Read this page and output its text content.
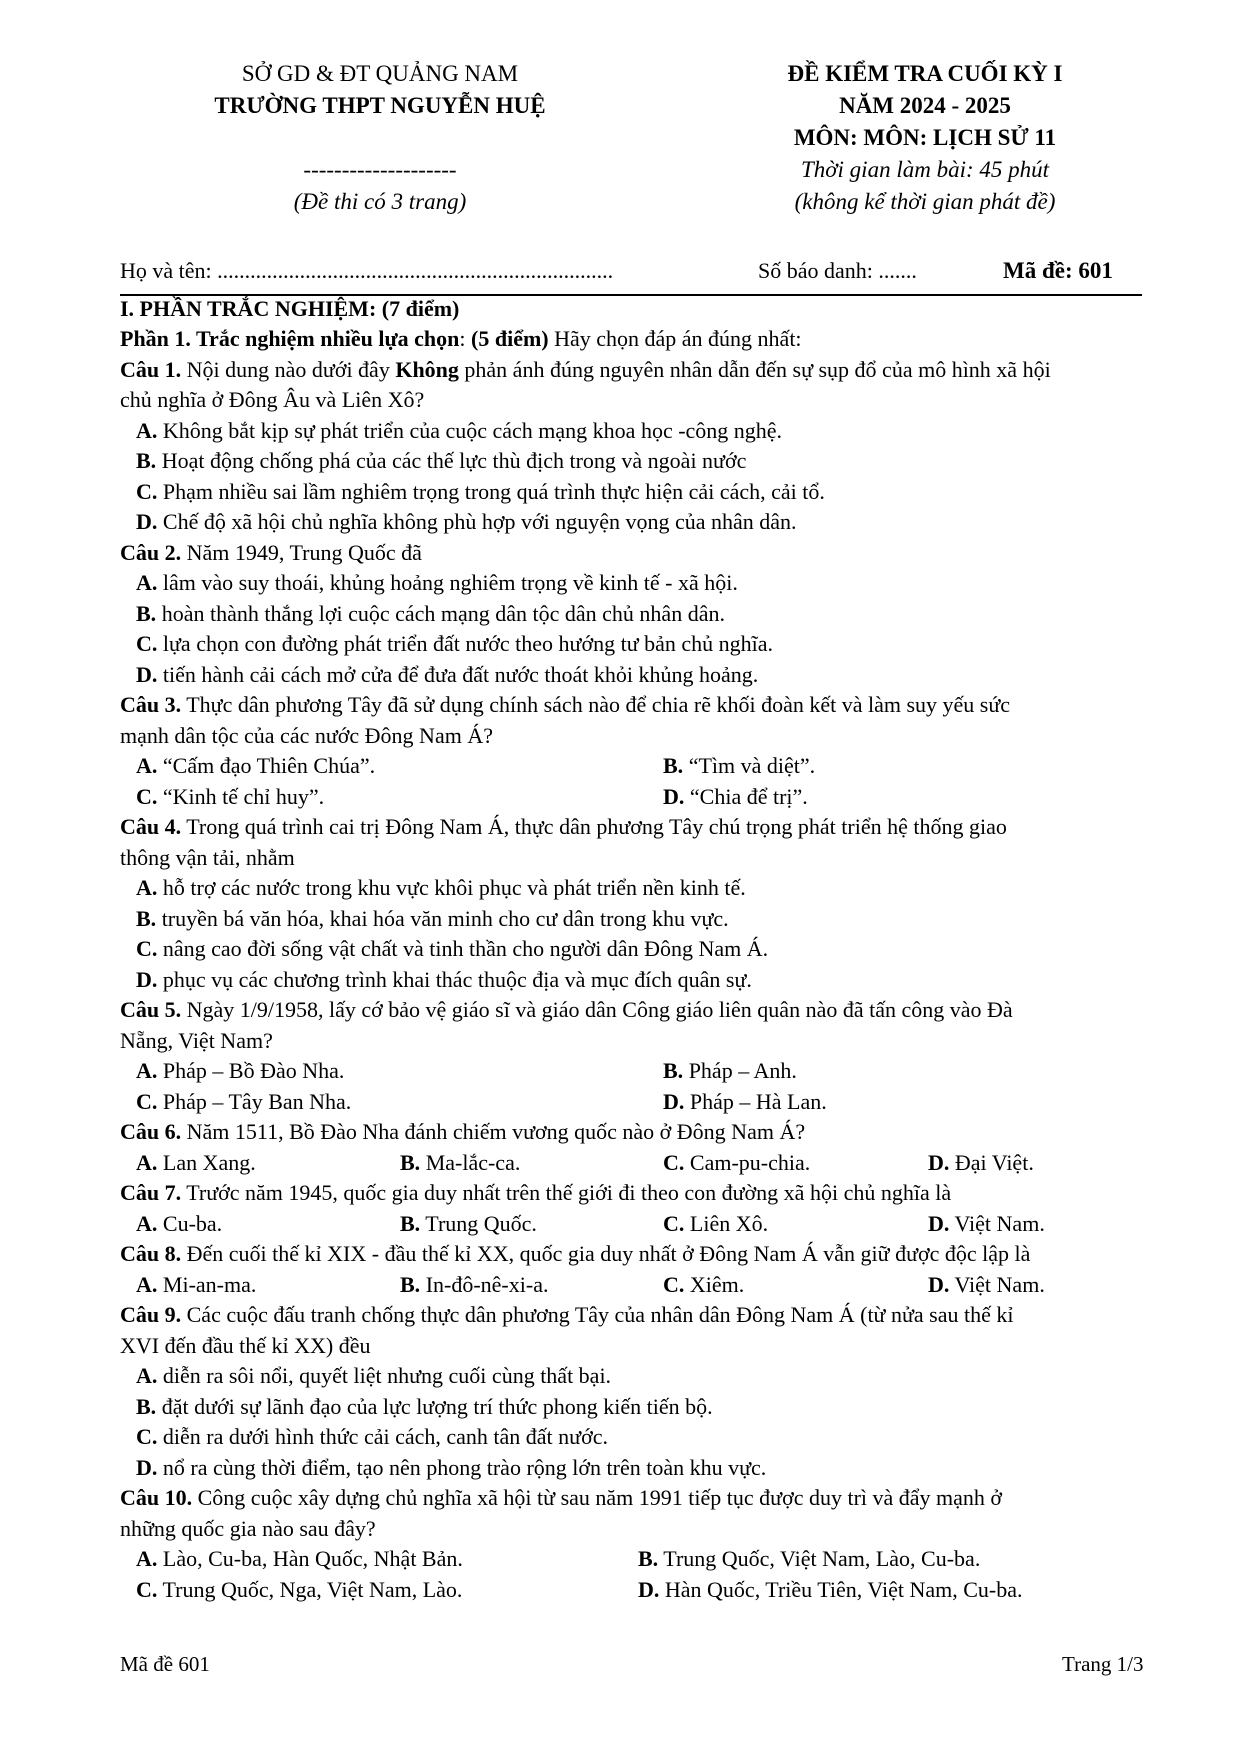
SỞ GD & ĐT QUẢNG NAM
TRƯỜNG THPT NGUYỄN HUỆ
--------------------
(Đề thi có 3 trang)
ĐỀ KIỂM TRA CUỐI KỲ I
NĂM 2024 - 2025
MÔN: MÔN: LỊCH SỬ 11
Thời gian làm bài: 45 phút
(không kể thời gian phát đề)
Họ và tên: ........................................................................	Số báo danh: .......	Mã đề: 601
I. PHẦN TRẮC NGHIỆM: (7 điểm)
Phần 1. Trắc nghiệm nhiều lựa chọn: (5 điểm) Hãy chọn đáp án đúng nhất:
Câu 1. Nội dung nào dưới đây Không phản ánh đúng nguyên nhân dẫn đến sự sụp đổ của mô hình xã hội
chủ nghĩa ở Đông Âu và Liên Xô?
A. Không bắt kịp sự phát triển của cuộc cách mạng khoa học -công nghệ.
B. Hoạt động chống phá của các thế lực thù địch trong và ngoài nước
C. Phạm nhiều sai lầm nghiêm trọng trong quá trình thực hiện cải cách, cải tổ.
D. Chế độ xã hội chủ nghĩa không phù hợp với nguyện vọng của nhân dân.
Câu 2. Năm 1949, Trung Quốc đã
A. lâm vào suy thoái, khủng hoảng nghiêm trọng về kinh tế - xã hội.
B. hoàn thành thắng lợi cuộc cách mạng dân tộc dân chủ nhân dân.
C. lựa chọn con đường phát triển đất nước theo hướng tư bản chủ nghĩa.
D. tiến hành cải cách mở cửa để đưa đất nước thoát khỏi khủng hoảng.
Câu 3. Thực dân phương Tây đã sử dụng chính sách nào để chia rẽ khối đoàn kết và làm suy yếu sức
mạnh dân tộc của các nước Đông Nam Á?
A. “Cấm đạo Thiên Chúa”.	B. “Tìm và diệt”.
C. “Kinh tế chỉ huy”.	D. “Chia để trị”.
Câu 4. Trong quá trình cai trị Đông Nam Á, thực dân phương Tây chú trọng phát triển hệ thống giao
thông vận tải, nhằm
A. hỗ trợ các nước trong khu vực khôi phục và phát triển nền kinh tế.
B. truyền bá văn hóa, khai hóa văn minh cho cư dân trong khu vực.
C. nâng cao đời sống vật chất và tinh thần cho người dân Đông Nam Á.
D. phục vụ các chương trình khai thác thuộc địa và mục đích quân sự.
Câu 5. Ngày 1/9/1958, lấy cớ bảo vệ giáo sĩ và giáo dân Công giáo liên quân nào đã tấn công vào Đà
Nẵng, Việt Nam?
A. Pháp – Bồ Đào Nha.	B. Pháp – Anh.
C. Pháp – Tây Ban Nha.	D. Pháp – Hà Lan.
Câu 6. Năm 1511, Bồ Đào Nha đánh chiếm vương quốc nào ở Đông Nam Á?
A. Lan Xang.	B. Ma-lắc-ca.	C. Cam-pu-chia.	D. Đại Việt.
Câu 7. Trước năm 1945, quốc gia duy nhất trên thế giới đi theo con đường xã hội chủ nghĩa là
A. Cu-ba.	B. Trung Quốc.	C. Liên Xô.	D. Việt Nam.
Câu 8. Đến cuối thế kỉ XIX - đầu thế kỉ XX, quốc gia duy nhất ở Đông Nam Á vẫn giữ được độc lập là
A. Mi-an-ma.	B. In-đô-nê-xi-a.	C. Xiêm.	D. Việt Nam.
Câu 9. Các cuộc đấu tranh chống thực dân phương Tây của nhân dân Đông Nam Á (từ nửa sau thế kỉ
XVI đến đầu thế kỉ XX) đều
A. diễn ra sôi nổi, quyết liệt nhưng cuối cùng thất bại.
B. đặt dưới sự lãnh đạo của lực lượng trí thức phong kiến tiến bộ.
C. diễn ra dưới hình thức cải cách, canh tân đất nước.
D. nổ ra cùng thời điểm, tạo nên phong trào rộng lớn trên toàn khu vực.
Câu 10. Công cuộc xây dựng chủ nghĩa xã hội từ sau năm 1991 tiếp tục được duy trì và đẩy mạnh ở
những quốc gia nào sau đây?
A. Lào, Cu-ba, Hàn Quốc, Nhật Bản.	B. Trung Quốc, Việt Nam, Lào, Cu-ba.
C. Trung Quốc, Nga, Việt Nam, Lào.	D. Hàn Quốc, Triều Tiên, Việt Nam, Cu-ba.
Mã đề 601	Trang 1/3
